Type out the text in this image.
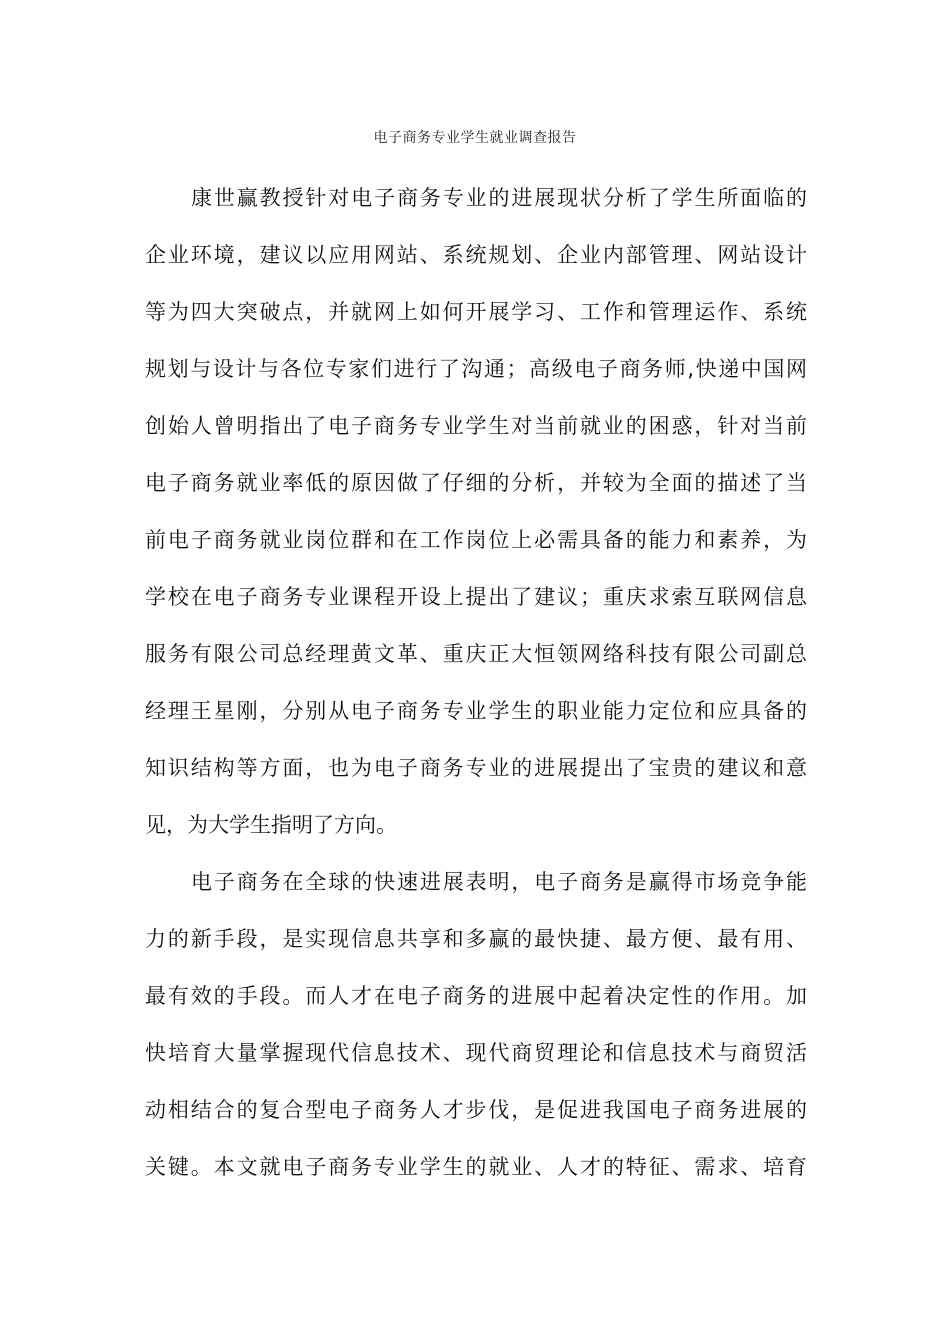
电子商务专业学生就业调查报告
康世赢教授针对电子商务专业的进展现状分析了学生所面临的
企业环境，建议以应用网站、系统规划、企业内部管理、网站设计
等为四大突破点，并就网上如何开展学习、工作和管理运作、系统
规划与设计与各位专家们进行了沟通；高级电子商务师,快递中国网
创始人曾明指出了电子商务专业学生对当前就业的困惑，针对当前
电子商务就业率低的原因做了仔细的分析，并较为全面的描述了当
前电子商务就业岗位群和在工作岗位上必需具备的能力和素养，为
学校在电子商务专业课程开设上提出了建议；重庆求索互联网信息
服务有限公司总经理黄文革、重庆正大恒领网络科技有限公司副总
经理王星刚，分别从电子商务专业学生的职业能力定位和应具备的
知识结构等方面，也为电子商务专业的进展提出了宝贵的建议和意
见，为大学生指明了方向。
电子商务在全球的快速进展表明，电子商务是赢得市场竞争能
力的新手段，是实现信息共享和多赢的最快捷、最方便、最有用、
最有效的手段。而人才在电子商务的进展中起着决定性的作用。加
快培育大量掌握现代信息技术、现代商贸理论和信息技术与商贸活
动相结合的复合型电子商务人才步伐，是促进我国电子商务进展的
关键。本文就电子商务专业学生的就业、人才的特征、需求、培育
